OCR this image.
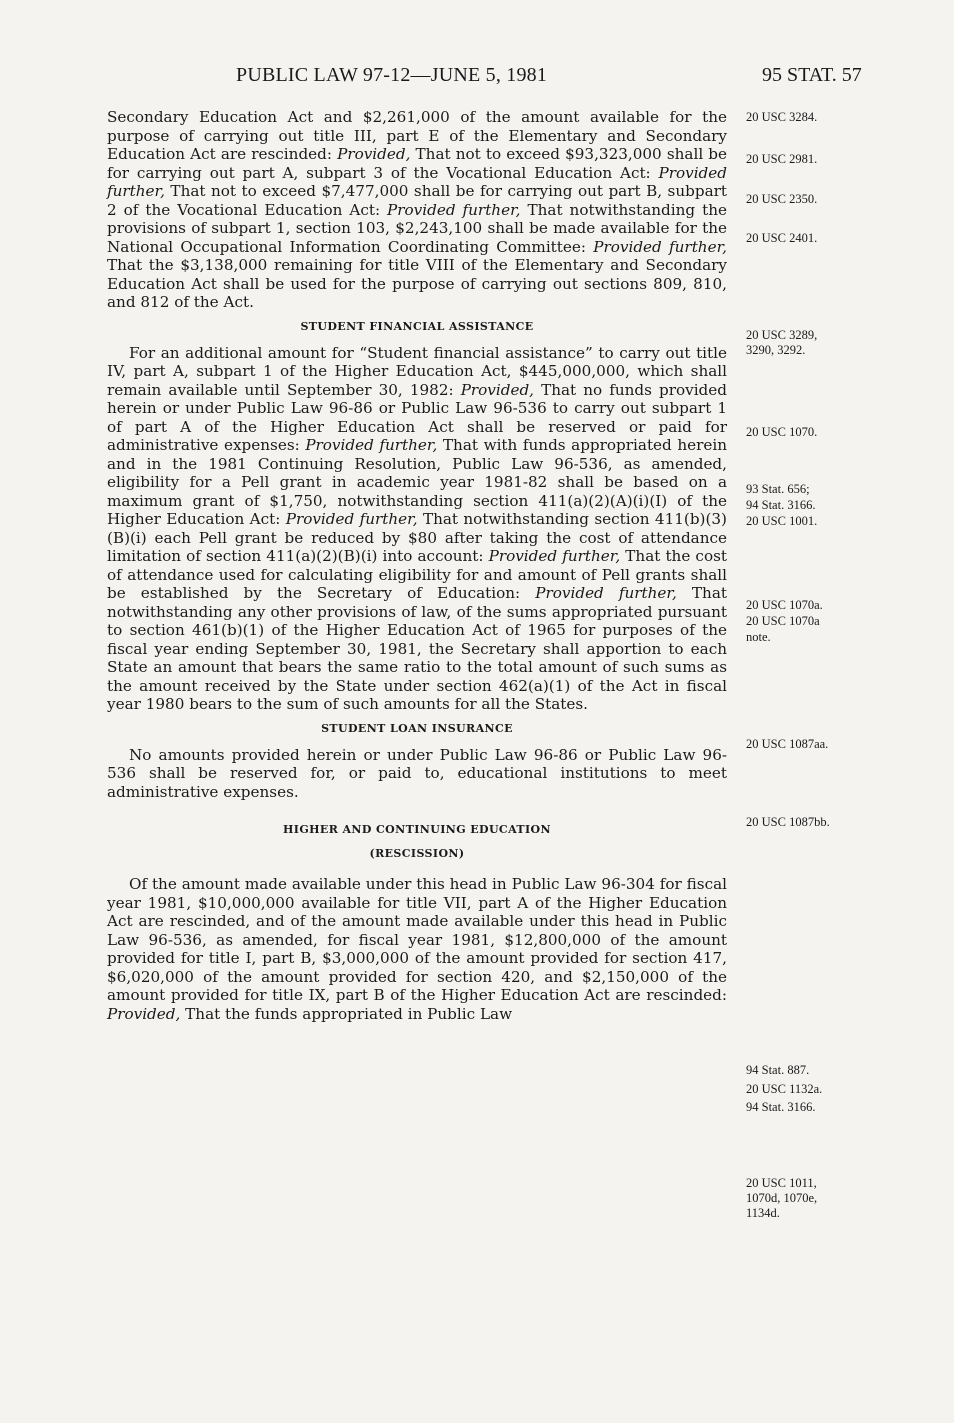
PUBLIC LAW 97-12—JUNE 5, 1981	95 STAT. 57

Secondary Education Act and $2,261,000 of the amount available for the purpose of carrying out title III, part E of the Elementary and Secondary Education Act are rescinded: Provided, That not to exceed $93,323,000 shall be for carrying out part A, subpart 3 of the Vocational Education Act: Provided further, That not to exceed $7,477,000 shall be for carrying out part B, subpart 2 of the Vocational Education Act: Provided further, That notwithstanding the provisions of subpart 1, section 103, $2,243,100 shall be made available for the National Occupational Information Coordinating Committee: Provided further, That the $3,138,000 remaining for title VIII of the Elementary and Secondary Education Act shall be used for the purpose of carrying out sections 809, 810, and 812 of the Act.

STUDENT FINANCIAL ASSISTANCE

For an additional amount for “Student financial assistance” to carry out title IV, part A, subpart 1 of the Higher Education Act, $445,000,000, which shall remain available until September 30, 1982: Provided, That no funds provided herein or under Public Law 96-86 or Public Law 96-536 to carry out subpart 1 of part A of the Higher Education Act shall be reserved or paid for administrative expenses: Provided further, That with funds appropriated herein and in the 1981 Continuing Resolution, Public Law 96-536, as amended, eligibility for a Pell grant in academic year 1981-82 shall be based on a maximum grant of $1,750, notwithstanding section 411(a)(2)(A)(i)(I) of the Higher Education Act: Provided further, That notwithstanding section 411(b)(3)(B)(i) each Pell grant be reduced by $80 after taking the cost of attendance limitation of section 411(a)(2)(B)(i) into account: Provided further, That the cost of attendance used for calculating eligibility for and amount of Pell grants shall be established by the Secretary of Education: Provided further, That notwithstanding any other provisions of law, of the sums appropriated pursuant to section 461(b)(1) of the Higher Education Act of 1965 for purposes of the fiscal year ending September 30, 1981, the Secretary shall apportion to each State an amount that bears the same ratio to the total amount of such sums as the amount received by the State under section 462(a)(1) of the Act in fiscal year 1980 bears to the sum of such amounts for all the States.

STUDENT LOAN INSURANCE

No amounts provided herein or under Public Law 96-86 or Public Law 96-536 shall be reserved for, or paid to, educational institutions to meet administrative expenses.

HIGHER AND CONTINUING EDUCATION
(RESCISSION)

Of the amount made available under this head in Public Law 96-304 for fiscal year 1981, $10,000,000 available for title VII, part A of the Higher Education Act are rescinded, and of the amount made available under this head in Public Law 96-536, as amended, for fiscal year 1981, $12,800,000 of the amount provided for title I, part B, $3,000,000 of the amount provided for section 417, $6,020,000 of the amount provided for section 420, and $2,150,000 of the amount provided for title IX, part B of the Higher Education Act are rescinded: Provided, That the funds appropriated in Public Law

20 USC 3284.
20 USC 2981.
20 USC 2350.
20 USC 2401.
20 USC 3289,
3290, 3292.
20 USC 1070.
93 Stat. 656;
94 Stat. 3166.
20 USC 1001.
20 USC 1070a.
20 USC 1070a
note.
20 USC 1087aa.
20 USC 1087bb.
94 Stat. 887.
20 USC 1132a.
94 Stat. 3166.
20 USC 1011,
1070d, 1070e,
1134d.
